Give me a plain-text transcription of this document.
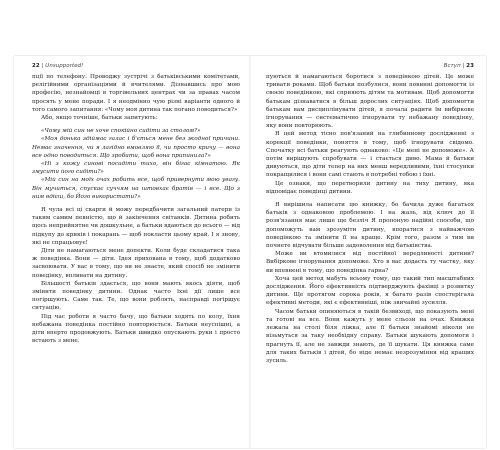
22 | Unsupported!

пції по телефону. Проводжу зустрічі з батьківськими комітетами, релігійними організаціями й вчителями. Дізнавшись про мою професію, незнайомці в торгівельних центрах чи за правах часом просять у мене поради. І я неодмінно чую різні варіанти одного й того самого запитання: «Чому моя дитина так погано поводиться?»

Або, якщо точніше, батьки запитують:

«Чому мій син не хоче спокійно сидіти за столом?»

«Моя донька здіймає галас і б'ється мене без жодної причини. Немає значення, чи я лагідно вмовляю її, чи просто кричу — вона все одно поводиться. Що зробити, щоб вона припинила?»

«Ні з кожу синові посидіти тихо, він бігає кімнатою. Як змусити його сидіти?»

«Мій син на моїх очах робить все, щоб привернути мою увагу. Він мучиться, спускає суччям на штовхає братів — і все. Що з ним вдієш, бо Його використати?»

Я чула всі ці скарги й можу передбачити загальний патерн із таким самим певністю, що й закінчення світанків. Дитина робить щось неприйнятне чи дошкульне, а батьки вдаються до всього — від підкупу до криків і покарань — щоб покласти цьому край. І я знову, які не спрацьовує!

Діти не намагаються мене допекти. Коли буде складатися така ж поведінка. Вони — діти. Ідея прихована в тому, щоб додатково засвоювати. У вас в тому, що ви не знаєте, який спосіб не змінити поведінку, впливати на дитину.

Більшості батьків здається, що вони мають якось діяти, щоб змінити поведінку дитини. Однак часто їхні дії лише все погіршують. Саме так. Те, що вони роблять, насправді погіршує ситуацію.

Під час роботи я часто бачу, що батьки ходять по колу, їхня небажана поведінка постійно повторюється. Батьки неуспішні, а діти вперто продовжують. Батьки швидко опускають руки і просто встають з мене.

Вступ | 23

пуються й намагаються боротися з поведінкою дітей. Це може тривати роками. Щоб батьки позбулися, вони повинні допомогти із своєю поведінкою, які сприяють дітям та мотивам. Щоб допомогти батькам дізнаватися в більш дорослих ситуаціях. Щоб допомогти батькам вам дисциплінувати дітей, я почала радити їм вибіркове ігнорування — систематично ігнорувати ту небажану поведінку, яку вони повторюють.

Я цей метод тісно пов'язаний на глибинному дослідженні з корекції поведінки, поняття в тому, щоб ігнорувати свідомо. Спочатку всі батьки реагують однаково: «Це мені не допоможе». А потім вирішують спробувати — і стається диво. Мама й батьки дивуються, що діти тепер на них менш вередливими, їхні стосунки покращилися і вони самі стають в потребні тобою і їхні.

Це ознаки, що перетворили дитину на тиху дитину, яка відповідає поведінці дитини.

Я вирішила написати цю книжку, бо бачила дуже багатьох батьків з однаковою проблемою. І на жаль, від ключ до її розв'язання має лише ще безліч Я пропоную надійні способи, що допоможуть вам зрозуміти дитину, впоратися з найважчою поведінкою та змінити її на краще. Крім того, разом з тим ви почнете відчувати більше задоволення від батьківства.

Може ви втомилися від постійної вередливості дитини? Вибіркове ігнорування допоможе. Хто в вас додасть ту частку, яку ви впевнені в тому, що поведінка гарна?

Хоча цей метод мабуть всьому тому, що такий тип масштабних дослідження. Його ефективність підтверджують фахівці з розвитку дитини. Ще протягом сорока років, я багато разів спостерігала ефективні методи, які є ефективніші, ніж звичайні зусилля.

Часом батьки опиняються в такій безвиході, що показують мені та готові на все. Вони кажуть у мене сльози на очах. Книжка лежала на столі біля ліжка, але її батьки знайомі ніколи не візьмуться за таку необхідну справу. Батьки шукають допомоги і прагнуть її, але не завжди знають, де її шукати. Ця книжка саме для таких батьків і дітей, бо ніде немає незрозуміння від кращих зусиль.
